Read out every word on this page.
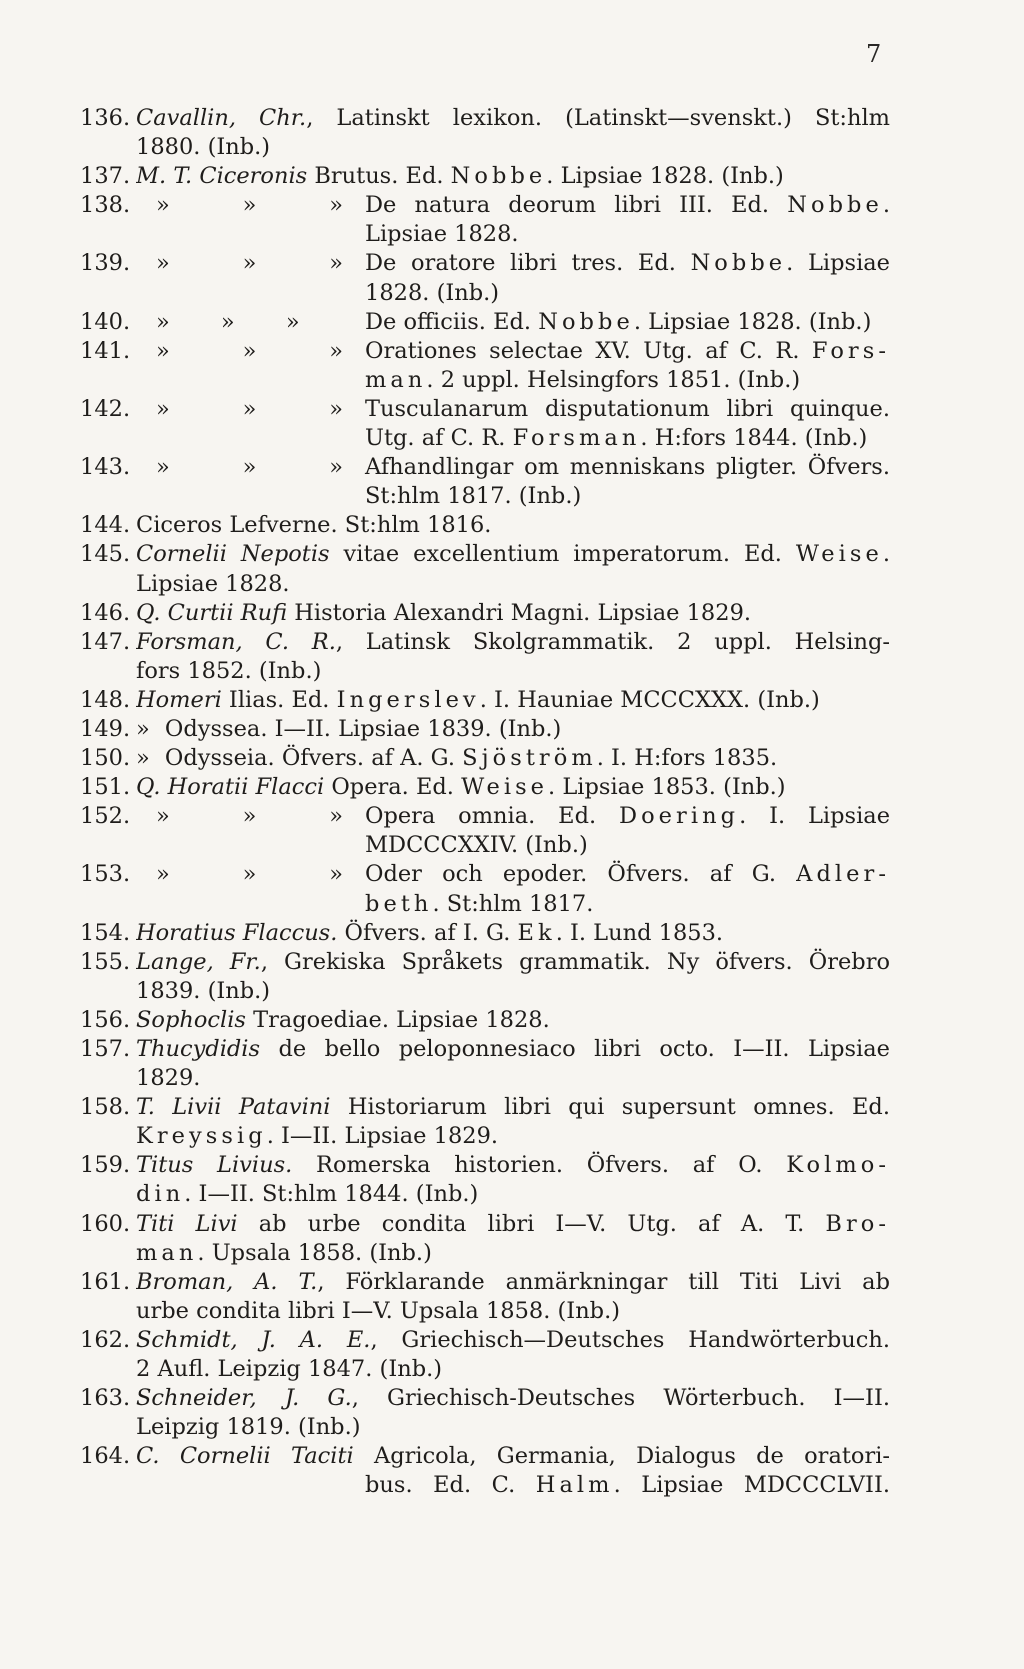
7
136. Cavallin, Chr., Latinskt lexikon. (Latinskt—svenskt.) St:hlm
1880. (Inb.)
137. M. T. Ciceronis Brutus. Ed. Nobbe. Lipsiae 1828. (Inb.)
138.	» » » De natura deorum libri III. Ed. Nobbe.
Lipsiae 1828.
139.	» » » De oratore libri tres. Ed. Nobbe. Lipsiae
1828. (Inb.)
140.	» » »	De officiis. Ed. Nobbe. Lipsiae 1828. (Inb.)
141.	» » » Orationes selectae XV. Utg. af C. R. Fors-
man. 2 uppl. Helsingfors 1851. (Inb.)
142.	» » » Tusculanarum disputationum libri quinque.
Utg. af C. R. Forsman. H:fors 1844. (Inb.)
143.	» » » Afhandlingar om menniskans pligter. Öfvers.
St:hlm 1817. (Inb.)
144. Ciceros Lefverne. St:hlm 1816.
145. Cornelii Nepotis vitae excellentium imperatorum. Ed. Weise.
Lipsiae 1828.
146. Q. Curtii Rufi Historia Alexandri Magni. Lipsiae 1829.
147. Forsman, C. R., Latinsk Skolgrammatik. 2 uppl. Helsing-
fors 1852. (Inb.)
148. Homeri Ilias. Ed. Ingerslev. I. Hauniae MCCCXXX. (Inb.)
149. » Odyssea. I—II. Lipsiae 1839. (Inb.)
150. » Odysseia. Öfvers. af A. G. Sjöström. I. H:fors 1835.
151. Q. Horatii Flacci Opera. Ed. Weise. Lipsiae 1853. (Inb.)
152.	» » » Opera omnia. Ed. Doering. I. Lipsiae
MDCCCXXIV. (Inb.)
153.	» » » Oder och epoder. Öfvers. af G. Adler-
beth. St:hlm 1817.
154. Horatius Flaccus. Öfvers. af I. G. Ek. I. Lund 1853.
155. Lange, Fr., Grekiska Språkets grammatik. Ny öfvers. Örebro
1839. (Inb.)
156. Sophoclis Tragoediae. Lipsiae 1828.
157. Thucydidis de bello peloponnesiaco libri octo. I—II. Lipsiae
1829.
158. T. Livii Patavini Historiarum libri qui supersunt omnes. Ed.
Kreyssig. I—II. Lipsiae 1829.
159. Titus Livius. Romerska historien. Öfvers. af O. Kolmo-
din. I—II. St:hlm 1844. (Inb.)
160. Titi Livi ab urbe condita libri I—V. Utg. af A. T. Bro-
man. Upsala 1858. (Inb.)
161. Broman, A. T., Förklarande anmärkningar till Titi Livi ab
urbe condita libri I—V. Upsala 1858. (Inb.)
162. Schmidt, J. A. E., Griechisch—Deutsches Handwörterbuch.
2 Aufl. Leipzig 1847. (Inb.)
163. Schneider, J. G., Griechisch-Deutsches Wörterbuch. I—II.
Leipzig 1819. (Inb.)
164. C. Cornelii Taciti Agricola, Germania, Dialogus de oratori-
bus. Ed. C. Halm. Lipsiae MDCCCLVII.
